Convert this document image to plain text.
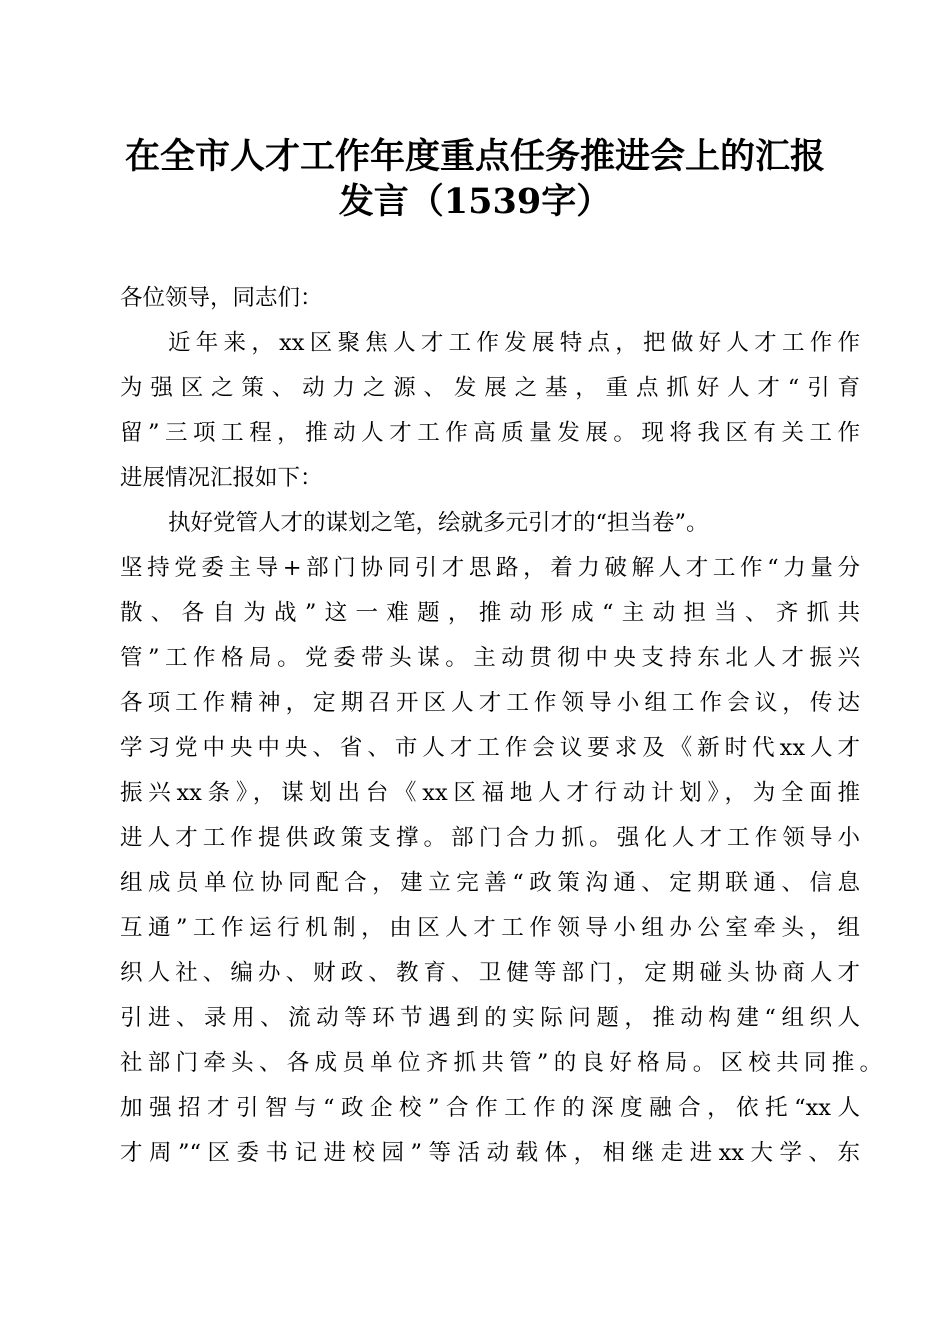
在全市人才工作年度重点任务推进会上的汇报
发言（1539字）
各位领导，同志们：
近年来，xx区聚焦人才工作发展特点，把做好人才工作作
为强区之策、动力之源、发展之基，重点抓好人才“引育
留”三项工程，推动人才工作高质量发展。现将我区有关工作
进展情况汇报如下：
执好党管人才的谋划之笔，绘就多元引才的“担当卷”。
坚持党委主导+部门协同引才思路，着力破解人才工作“力量分
散、各自为战”这一难题，推动形成“主动担当、齐抓共
管”工作格局。党委带头谋。主动贯彻中央支持东北人才振兴
各项工作精神，定期召开区人才工作领导小组工作会议，传达
学习党中央中央、省、市人才工作会议要求及《新时代xx人才
振兴xx条》，谋划出台《xx区福地人才行动计划》，为全面推
进人才工作提供政策支撑。部门合力抓。强化人才工作领导小
组成员单位协同配合，建立完善“政策沟通、定期联通、信息
互通”工作运行机制，由区人才工作领导小组办公室牵头，组
织人社、编办、财政、教育、卫健等部门，定期碰头协商人才
引进、录用、流动等环节遇到的实际问题，推动构建“组织人
社部门牵头、各成员单位齐抓共管”的良好格局。区校共同推。
加强招才引智与“政企校”合作工作的深度融合，依托“xx人
才周”“区委书记进校园”等活动载体，相继走进xx大学、东
